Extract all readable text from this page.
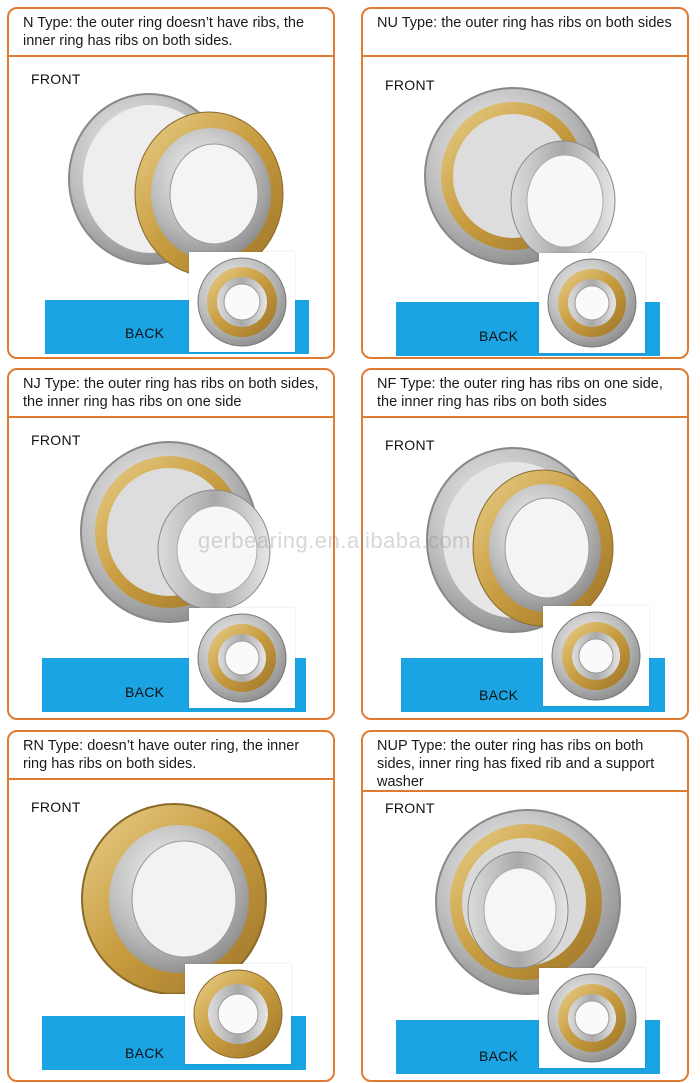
N Type: the outer ring doesn’t have ribs, the inner ring has ribs on both sides.
FRONT
BACK
NU Type: the outer ring has ribs on both sides
FRONT
BACK
NJ Type: the outer ring has ribs on both sides, the inner ring has ribs on one side
FRONT
BACK
NF Type: the outer ring has ribs on one side, the inner ring has ribs on both sides
FRONT
BACK
RN Type: doesn’t have outer ring, the inner ring has ribs on both sides.
FRONT
BACK
NUP Type: the outer ring has ribs on both sides, inner ring has fixed rib and a support washer
FRONT
BACK
gerbearing.en.alibaba.com
